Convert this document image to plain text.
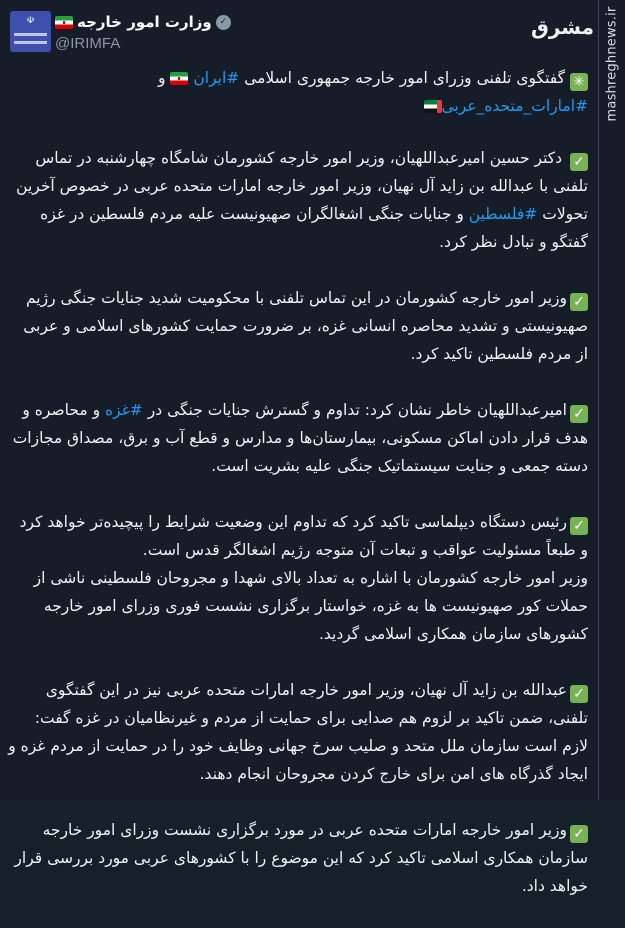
☫	وزارت امور خارجه ✓
@IRIMFA
مشرق mashreghnews.ir

✳گفتگوی تلفنی وزرای امور خارجه جمهوری اسلامی #ایران  و
#امارات_متحده_عربی

✓ دکتر حسین امیرعبداللهیان، وزیر امور خارجه کشورمان شامگاه چهارشنبه در تماس تلفنی با عبدالله بن زاید آل نهیان، وزیر امور خارجه امارات متحده عربی در خصوص آخرین تحولات #فلسطین و جنایات جنگی اشغالگران صهیونیست علیه مردم فلسطین در غزه گفتگو و تبادل نظر کرد.

✓وزیر امور خارجه کشورمان در این تماس تلفنی با محکومیت شدید جنایات جنگی رژیم صهیونیستی و تشدید محاصره انسانی غزه، بر ضرورت حمایت کشورهای اسلامی و عربی از مردم فلسطین تاکید کرد.

✓امیرعبداللهیان خاطر نشان کرد: تداوم و گسترش جنایات جنگی در #غزه و محاصره و هدف قرار دادن اماکن مسکونی، بیمارستان‌ها و مدارس و قطع آب و برق، مصداق مجازات دسته جمعی و جنایت سیستماتیک جنگی علیه بشریت است.

✓رئیس دستگاه دیپلماسی تاکید کرد که تداوم این وضعیت شرایط را پیچیده‌تر خواهد کرد و طبعاً مسئولیت عواقب و تبعات آن متوجه رژیم اشغالگر قدس است.
وزیر امور خارجه کشورمان با اشاره به تعداد بالای شهدا و مجروحان فلسطینی ناشی از حملات کور صهیونیست ها به غزه، خواستار برگزاری نشست فوری وزرای امور خارجه کشورهای سازمان همکاری اسلامی گردید.

✓عبدالله بن زاید آل نهیان، وزیر امور خارجه امارات متحده عربی نیز در این گفتگوی تلفنی، ضمن تاکید بر لزوم هم صدایی برای حمایت از مردم و غیرنظامیان در غزه گفت: لازم است سازمان ملل متحد و صلیب سرخ جهانی وظایف خود را در حمایت از مردم غزه و ایجاد گذرگاه های امن برای خارج کردن مجروحان انجام دهند.

✓وزیر امور خارجه امارات متحده عربی در مورد برگزاری نشست وزرای امور خارجه سازمان همکاری اسلامی تاکید کرد که این موضوع را با کشورهای عربی مورد بررسی قرار خواهد داد.
